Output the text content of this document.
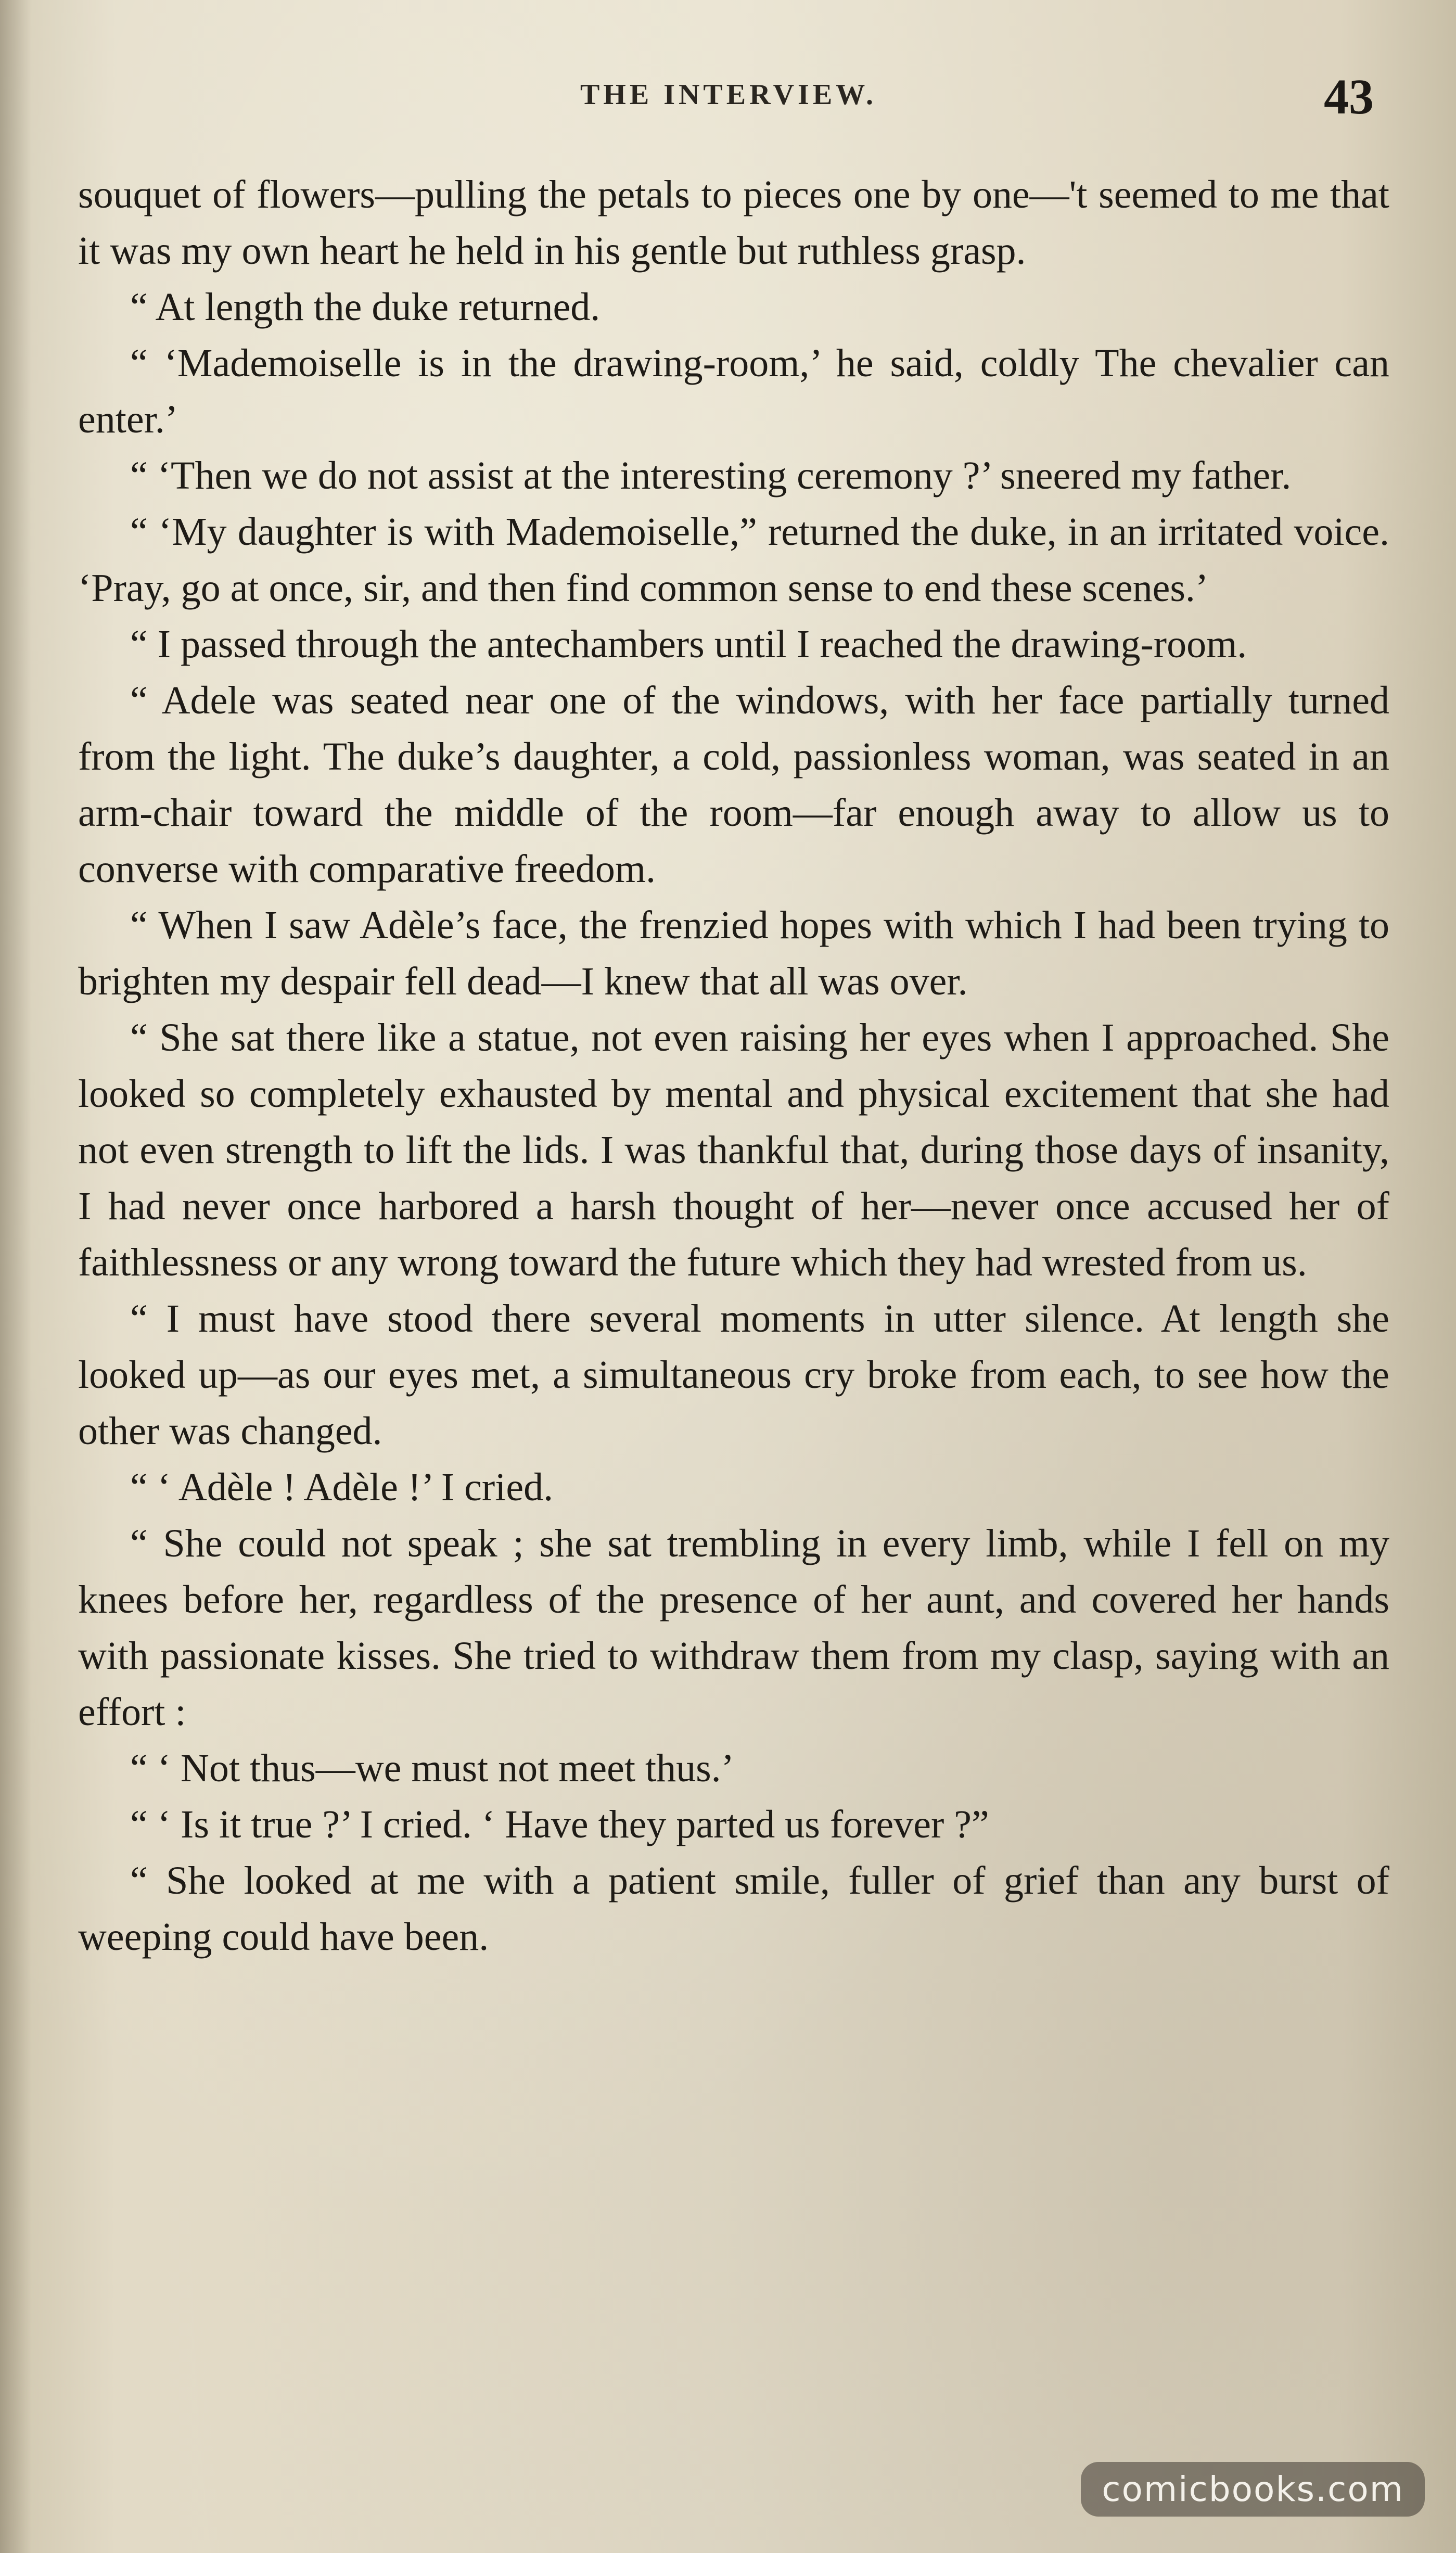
THE INTERVIEW.	43

souquet of flowers—pulling the petals to pieces one by one—'t seemed to me that it was my own heart he held in his gentle but ruthless grasp.

“ At length the duke returned.

“ ‘Mademoiselle is in the drawing-room,’ he said, coldly The chevalier can enter.’

“ ‘Then we do not assist at the interesting ceremony ?’ sneered my father.

“ ‘My daughter is with Mademoiselle,” returned the duke, in an irritated voice. ‘Pray, go at once, sir, and then find common sense to end these scenes.’

“ I passed through the antechambers until I reached the drawing-room.

“ Adele was seated near one of the windows, with her face partially turned from the light. The duke’s daughter, a cold, passionless woman, was seated in an arm-chair toward the middle of the room—far enough away to allow us to converse with comparative freedom.

“ When I saw Adèle’s face, the frenzied hopes with which I had been trying to brighten my despair fell dead—I knew that all was over.

“ She sat there like a statue, not even raising her eyes when I approached. She looked so completely exhausted by mental and physical excitement that she had not even strength to lift the lids. I was thankful that, during those days of insanity, I had never once harbored a harsh thought of her—never once accused her of faithlessness or any wrong toward the future which they had wrested from us.

“ I must have stood there several moments in utter silence. At length she looked up—as our eyes met, a simultaneous cry broke from each, to see how the other was changed.

“ ‘ Adèle ! Adèle !’ I cried.

“ She could not speak ; she sat trembling in every limb, while I fell on my knees before her, regardless of the presence of her aunt, and covered her hands with passionate kisses. She tried to withdraw them from my clasp, saying with an effort :

“ ‘ Not thus—we must not meet thus.’

“ ‘ Is it true ?’ I cried. ‘ Have they parted us forever ?”

“ She looked at me with a patient smile, fuller of grief than any burst of weeping could have been.

comicbooks.com
